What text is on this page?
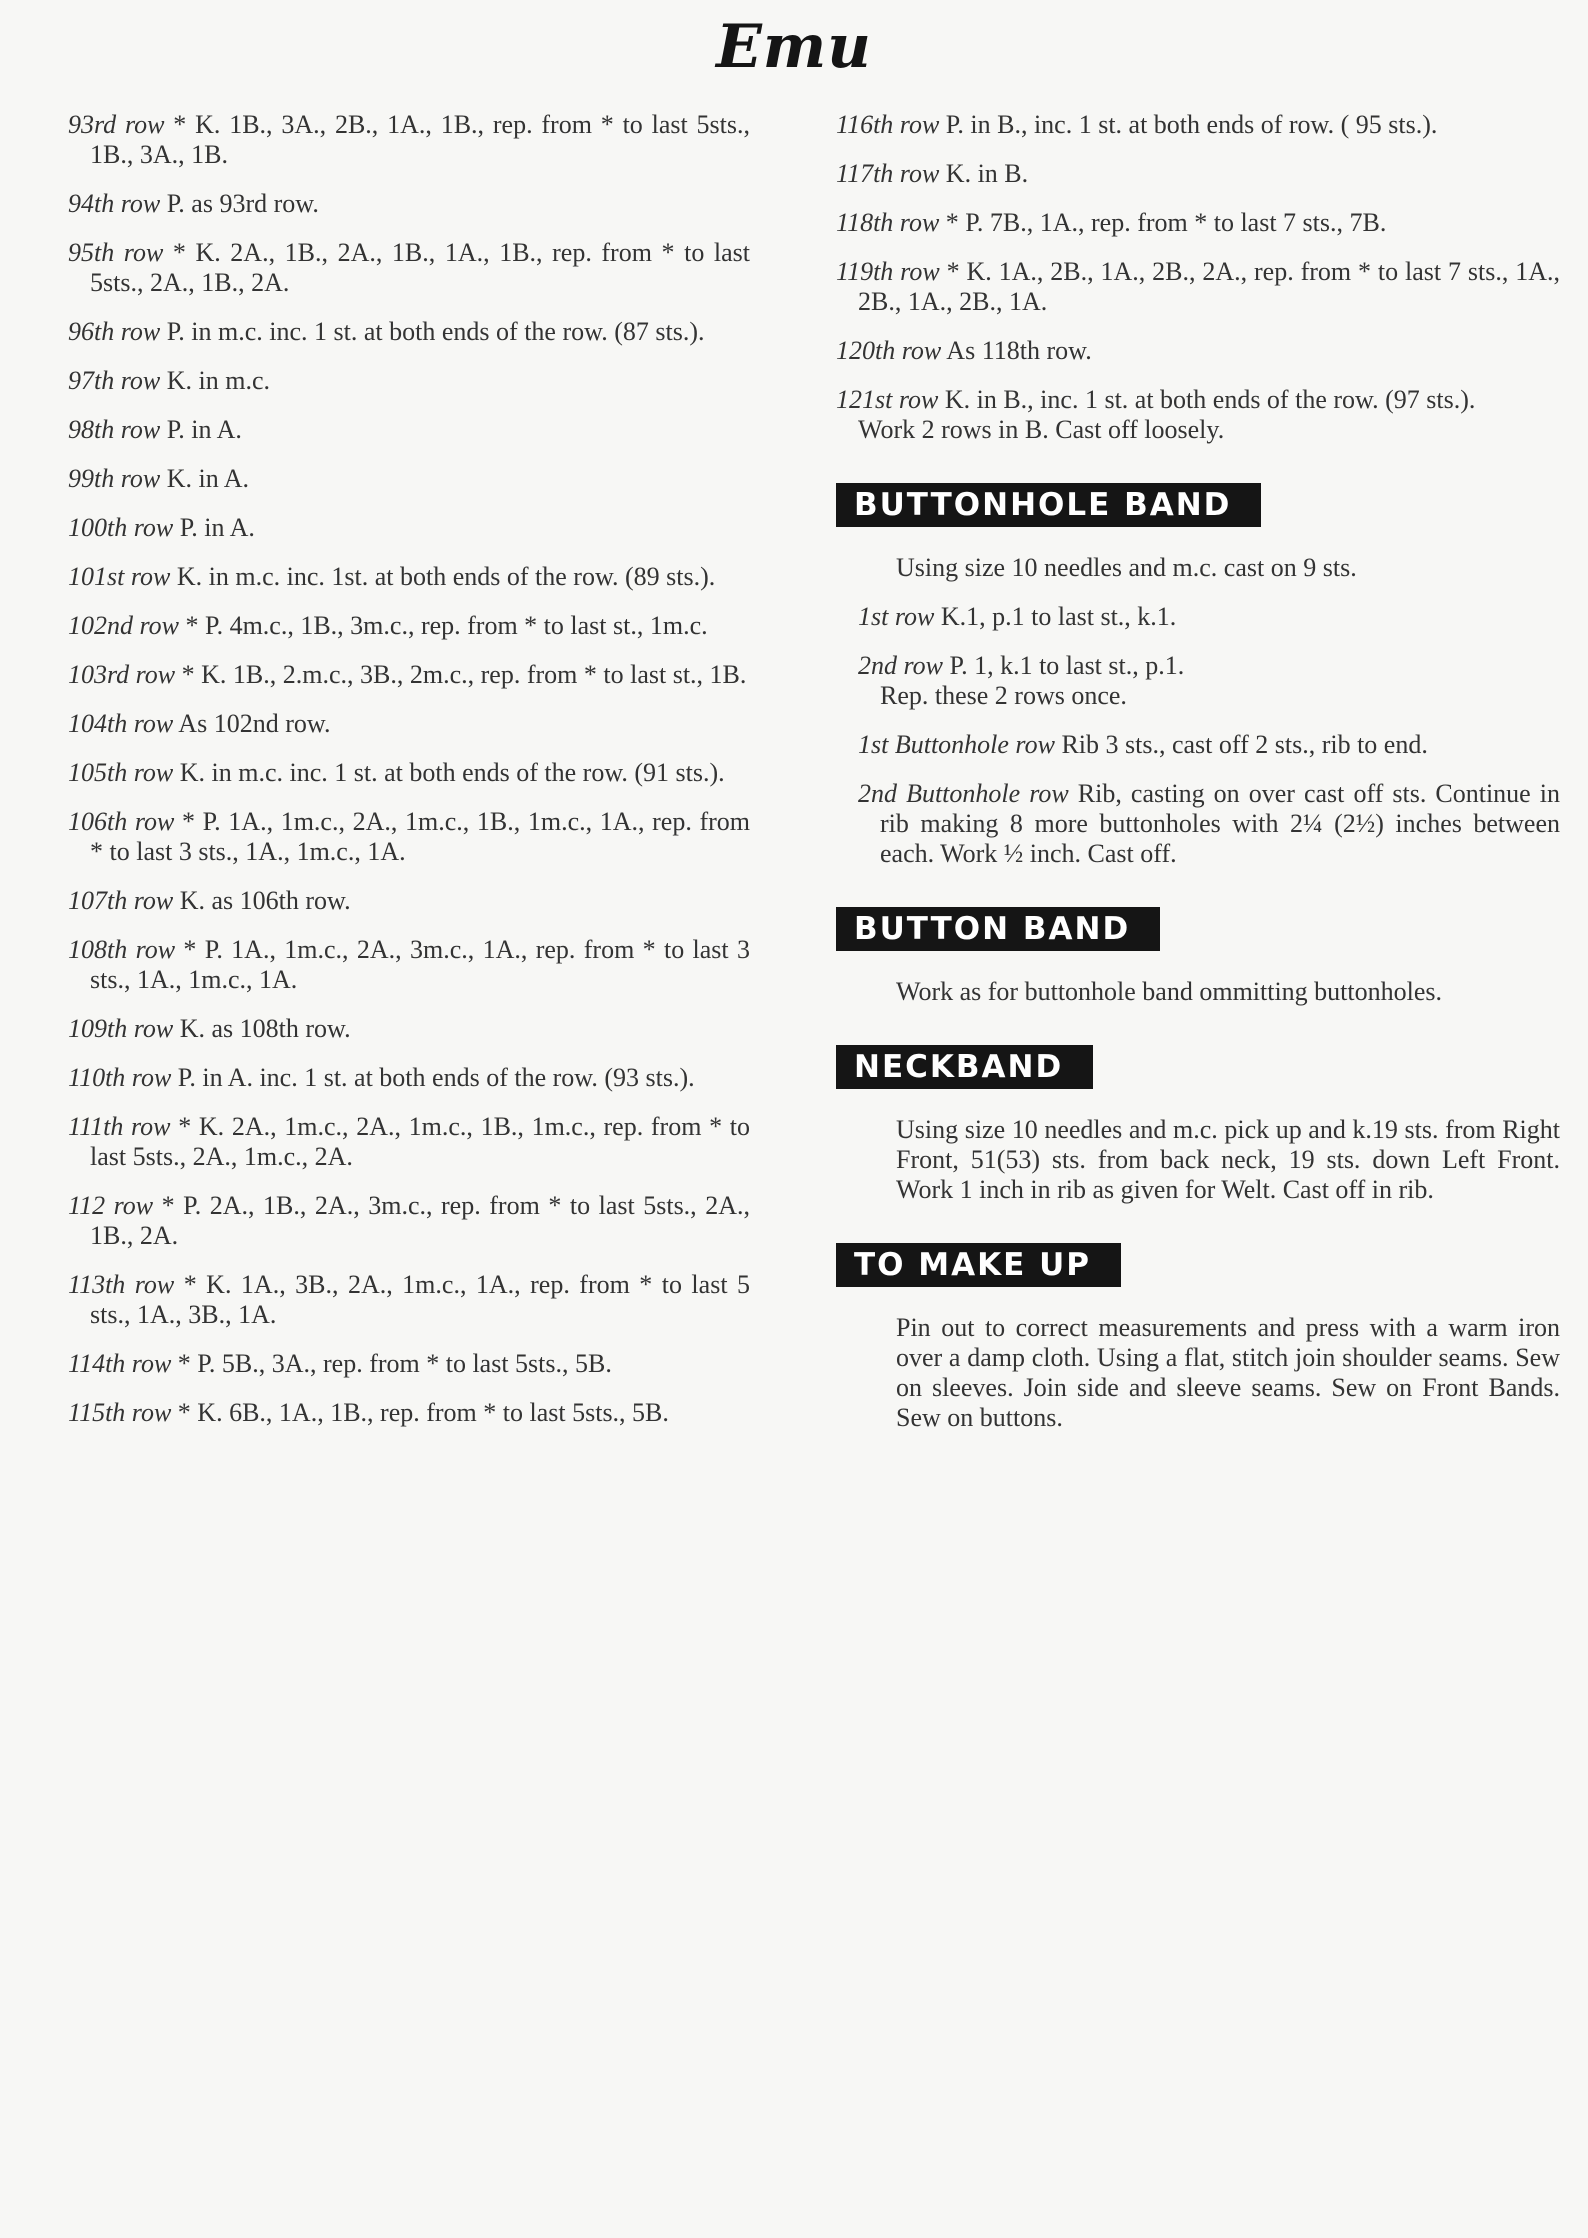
Emu
93rd row * K. 1B., 3A., 2B., 1A., 1B., rep. from * to last 5sts., 1B., 3A., 1B.
94th row P. as 93rd row.
95th row * K. 2A., 1B., 2A., 1B., 1A., 1B., rep. from * to last 5sts., 2A., 1B., 2A.
96th row P. in m.c. inc. 1 st. at both ends of the row. (87 sts.).
97th row K. in m.c.
98th row P. in A.
99th row K. in A.
100th row P. in A.
101st row K. in m.c. inc. 1st. at both ends of the row. (89 sts.).
102nd row * P. 4m.c., 1B., 3m.c., rep. from * to last st., 1m.c.
103rd row * K. 1B., 2.m.c., 3B., 2m.c., rep. from * to last st., 1B.
104th row As 102nd row.
105th row K. in m.c. inc. 1 st. at both ends of the row. (91 sts.).
106th row * P. 1A., 1m.c., 2A., 1m.c., 1B., 1m.c., 1A., rep. from * to last 3 sts., 1A., 1m.c., 1A.
107th row K. as 106th row.
108th row * P. 1A., 1m.c., 2A., 3m.c., 1A., rep. from * to last 3 sts., 1A., 1m.c., 1A.
109th row K. as 108th row.
110th row P. in A. inc. 1 st. at both ends of the row. (93 sts.).
111th row * K. 2A., 1m.c., 2A., 1m.c., 1B., 1m.c., rep. from * to last 5sts., 2A., 1m.c., 2A.
112 row * P. 2A., 1B., 2A., 3m.c., rep. from * to last 5sts., 2A., 1B., 2A.
113th row * K. 1A., 3B., 2A., 1m.c., 1A., rep. from * to last 5 sts., 1A., 3B., 1A.
114th row * P. 5B., 3A., rep. from * to last 5sts., 5B.
115th row * K. 6B., 1A., 1B., rep. from * to last 5sts., 5B.
116th row P. in B., inc. 1 st. at both ends of row. ( 95 sts.).
117th row K. in B.
118th row * P. 7B., 1A., rep. from * to last 7 sts., 7B.
119th row * K. 1A., 2B., 1A., 2B., 2A., rep. from * to last 7 sts., 1A., 2B., 1A., 2B., 1A.
120th row As 118th row.
121st row K. in B., inc. 1 st. at both ends of the row. (97 sts.).
Work 2 rows in B. Cast off loosely.
BUTTONHOLE BAND
Using size 10 needles and m.c. cast on 9 sts.
1st row K.1, p.1 to last st., k.1.
2nd row P. 1, k.1 to last st., p.1.
Rep. these 2 rows once.
1st Buttonhole row Rib 3 sts., cast off 2 sts., rib to end.
2nd Buttonhole row Rib, casting on over cast off sts. Continue in rib making 8 more buttonholes with 2¼ (2½) inches between each. Work ½ inch. Cast off.
BUTTON BAND
Work as for buttonhole band ommitting buttonholes.
NECKBAND
Using size 10 needles and m.c. pick up and k.19 sts. from Right Front, 51(53) sts. from back neck, 19 sts. down Left Front. Work 1 inch in rib as given for Welt. Cast off in rib.
TO MAKE UP
Pin out to correct measurements and press with a warm iron over a damp cloth. Using a flat, stitch join shoulder seams. Sew on sleeves. Join side and sleeve seams. Sew on Front Bands. Sew on buttons.
